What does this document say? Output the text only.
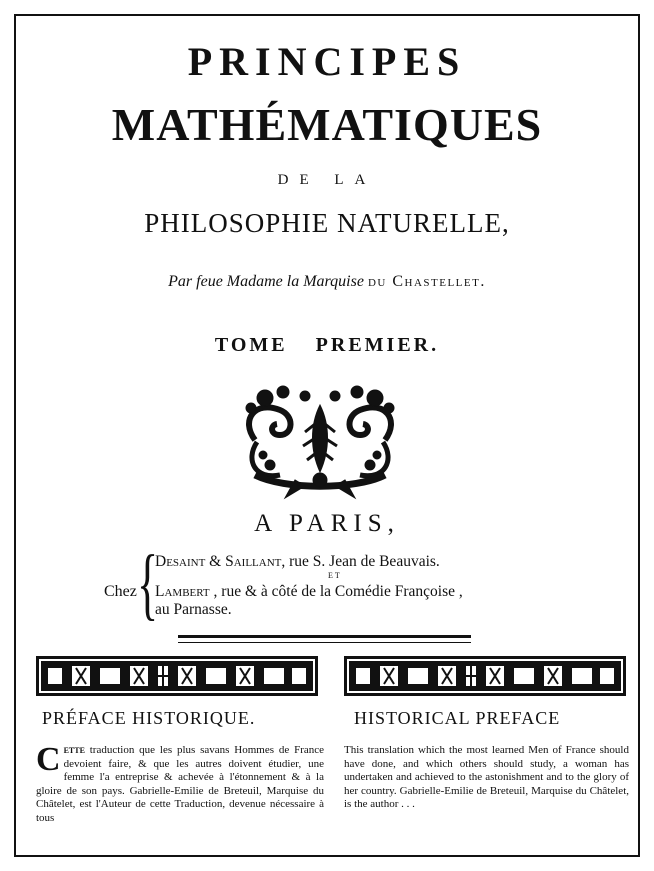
PRINCIPES
MATHÉMATIQUES
DE LA
PHILOSOPHIE NATURELLE,
Par feue Madame la Marquise du Chastellet.
TOME PREMIER.
A PARIS,
Chez {
Desaint & Saillant, rue S. Jean de Beauvais.
ET
Lambert , rue & à côté de la Comédie Françoise ,
au Parnasse.
PRÉFACE HISTORIQUE.	HISTORICAL PREFACE
Cette traduction que les plus savans Hommes de France devoient faire, & que les autres doivent étudier, une femme l'a entreprise & achevée à l'étonnement & à la gloire de son pays. Gabrielle-Emilie de Breteuil, Marquise du Châtelet, est l'Auteur de cette Traduction, devenue nécessaire à tous
This translation which the most learned Men of France should have done, and which others should study, a woman has undertaken and achieved to the astonishment and to the glory of her country. Gabrielle-Emilie de Breteuil, Marquise du Châtelet, is the author . . .
